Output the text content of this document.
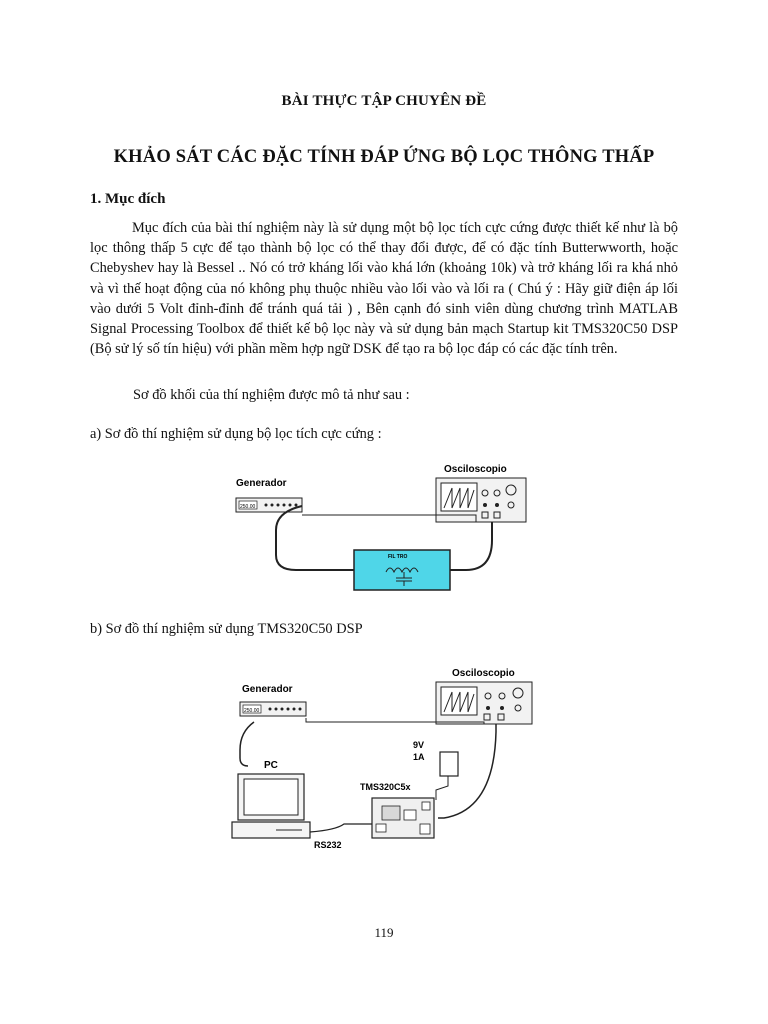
BÀI THỰC TẬP CHUYÊN ĐỀ
KHẢO SÁT CÁC ĐẶC TÍNH ĐÁP ỨNG BỘ LỌC THÔNG THẤP
1. Mục đích
Mục đích của bài thí nghiệm này là sử dụng một bộ lọc tích cực cứng được thiết kế như là bộ lọc thông thấp 5 cực để tạo thành bộ lọc có thể thay đổi được, để có đặc tính Butterwworth, hoặc Chebyshev hay là Bessel .. Nó có trở kháng lối vào khá lớn (khoảng 10k) và trở kháng lối ra khá nhỏ và vì thế hoạt động của nó không phụ thuộc nhiều vào lối vào và lối ra ( Chú ý : Hãy giữ điện áp lối vào dưới 5 Volt đỉnh-đỉnh để tránh quá tải ) , Bên cạnh đó sinh viên dùng chương trình MATLAB Signal Processing Toolbox để thiết kế bộ lọc này và sử dụng bản mạch Startup kit TMS320C50 DSP (Bộ sử lý số tín hiệu) với phần mềm hợp ngữ DSK để tạo ra bộ lọc đáp có các đặc tính trên.
Sơ đồ khối của thí nghiệm được mô tả như sau :
a) Sơ đồ thí nghiệm sử dụng bộ lọc tích cực cứng :
Generador
250.00
Osciloscopio
FIL TRO
b) Sơ đồ thí nghiệm sử dụng TMS320C50 DSP
Generador
250.00
Osciloscopio
9V
1A
PC
TMS320C5x
RS232
119
